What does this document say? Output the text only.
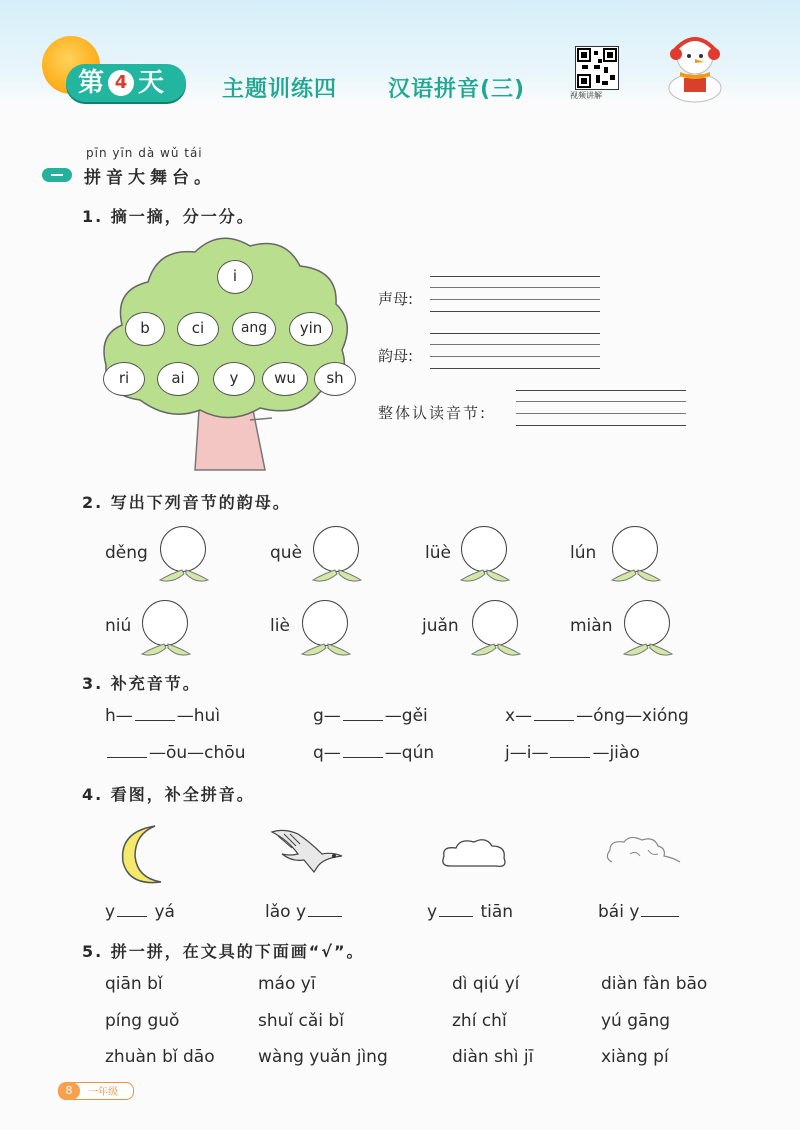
第 4 天	主题训练四 汉语拼音(三)	视频讲解
pīn yīn dà wǔ tái
拼音大舞台。
1. 摘一摘，分一分。
i
b	ci	ang	yin
ri	ai	y	wu	sh
声母:
韵母:
整体认读音节:
2. 写出下列音节的韵母。
děng	què	lüè	lún
niú	liè	juǎn	miàn
3. 补充音节。
h—	—huì	g—	—gěi	x—	—óng—xióng
—ōu—chōu	q—	—qún	j—i—	—jiào
4. 看图，补全拼音。
y yá	lǎo y	y	tiān	bái y
5. 拼一拼，在文具的下面画“√”。
qiān bǐ	máo yī	dì qiú yí	diàn fàn bāo
píng guǒ	shuǐ cǎi bǐ	zhí chǐ	yú gāng
zhuàn bǐ dāo	wàng yuǎn jìng	diàn shì jī	xiàng pí
8	一年级
